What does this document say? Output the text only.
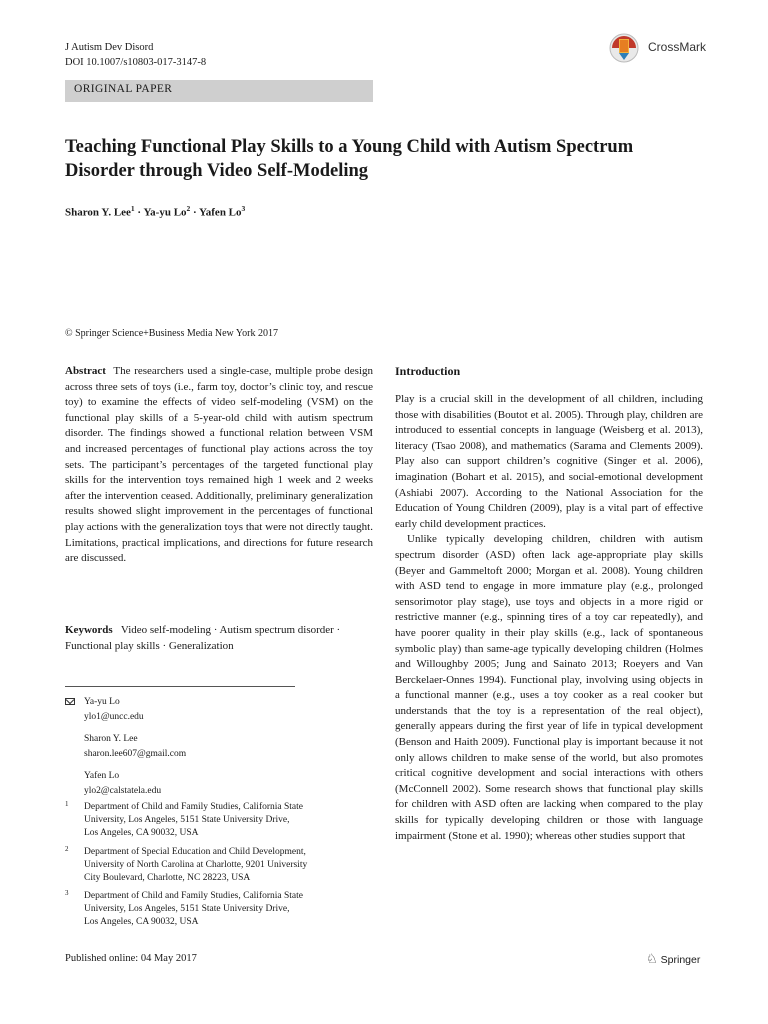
J Autism Dev Disord
DOI 10.1007/s10803-017-3147-8
CrossMark
ORIGINAL PAPER
Teaching Functional Play Skills to a Young Child with Autism Spectrum Disorder through Video Self-Modeling
Sharon Y. Lee$^1$ · Ya-yu $Lo^2$ · Yafen Lo$^3$
© Springer Science+Business Media New York 2017
Abstract The researchers used a single-case, multiple probe design across three sets of toys (i.e., farm toy, doctor’s clinic toy, and rescue toy) to examine the effects of video self-modeling (VSM) on the functional play skills of a 5-year-old child with autism spectrum disorder. The findings showed a functional relation between VSM and increased percentages of functional play actions across the toy sets. The participant’s percentages of the targeted functional play skills for the intervention toys remained high 1 week and 2 weeks after the intervention ceased. Additionally, preliminary generalization results showed slight improvement in the percentages of functional play actions with the generalization toys that were not directly taught. Limitations, practical implications, and directions for future research are discussed.
Keywords Video self-modeling · Autism spectrum disorder · Functional play skills · Generalization
Ya-yu Lo
ylo1@uncc.edu
Sharon Y. Lee
sharon.lee607@gmail.com
Yafen Lo
ylo2@calstatela.edu
1 Department of Child and Family Studies, California State
University, Los Angeles, 5151 State University Drive,
Los Angeles, CA 90032, USA
2 Department of Special Education and Child Development,
University of North Carolina at Charlotte, 9201 University
City Boulevard, Charlotte, NC 28223, USA
3 Department of Child and Family Studies, California State
University, Los Angeles, 5151 State University Drive,
Los Angeles, CA 90032, USA
Introduction

Play is a crucial skill in the development of all children, including those with disabilities (Boutot et al. 2005). Through play, children are introduced to essential concepts in language (Weisberg et al. 2013), literacy (Tsao 2008), and mathematics (Sarama and Clements 2009). Play also can support children’s cognitive (Singer et al. 2006), imagination (Bohart et al. 2015), and social-emotional development (Ashiabi 2007). According to the National Association for the Education of Young Children (2009), play is a vital part of effective early child development practices.

Unlike typically developing children, children with autism spectrum disorder (ASD) often lack age-appropriate play skills (Beyer and Gammeltoft 2000; Morgan et al. 2008). Young children with ASD tend to engage in more immature play (e.g., prolonged sensorimotor play stage), use toys and objects in a more rigid or restrictive manner (e.g., spinning tires of a toy car repeatedly), and have poorer quality in their play skills (e.g., lack of spontaneous symbolic play) than same-age typically developing children (Holmes and Willoughby 2005; Jung and Sainato 2013; Roeyers and Van Berckelaer-Onnes 1994). Functional play, involving using objects in a functional manner (e.g., uses a toy cooker as a real cooker but understands that the toy is a representation of the real object), generally appears during the first year of life in typical development (Benson and Haith 2009). Functional play is important because it not only allows children to make sense of the world, but also promotes critical cognitive development and social interactions with others (McConnell 2002). Some research shows that functional play skills for children with ASD often are lacking when compared to the play skills for typically developing children or those with language impairment (Stone et al. 1990); whereas other studies support that

Published online: 04 May 2017	♘ Springer
